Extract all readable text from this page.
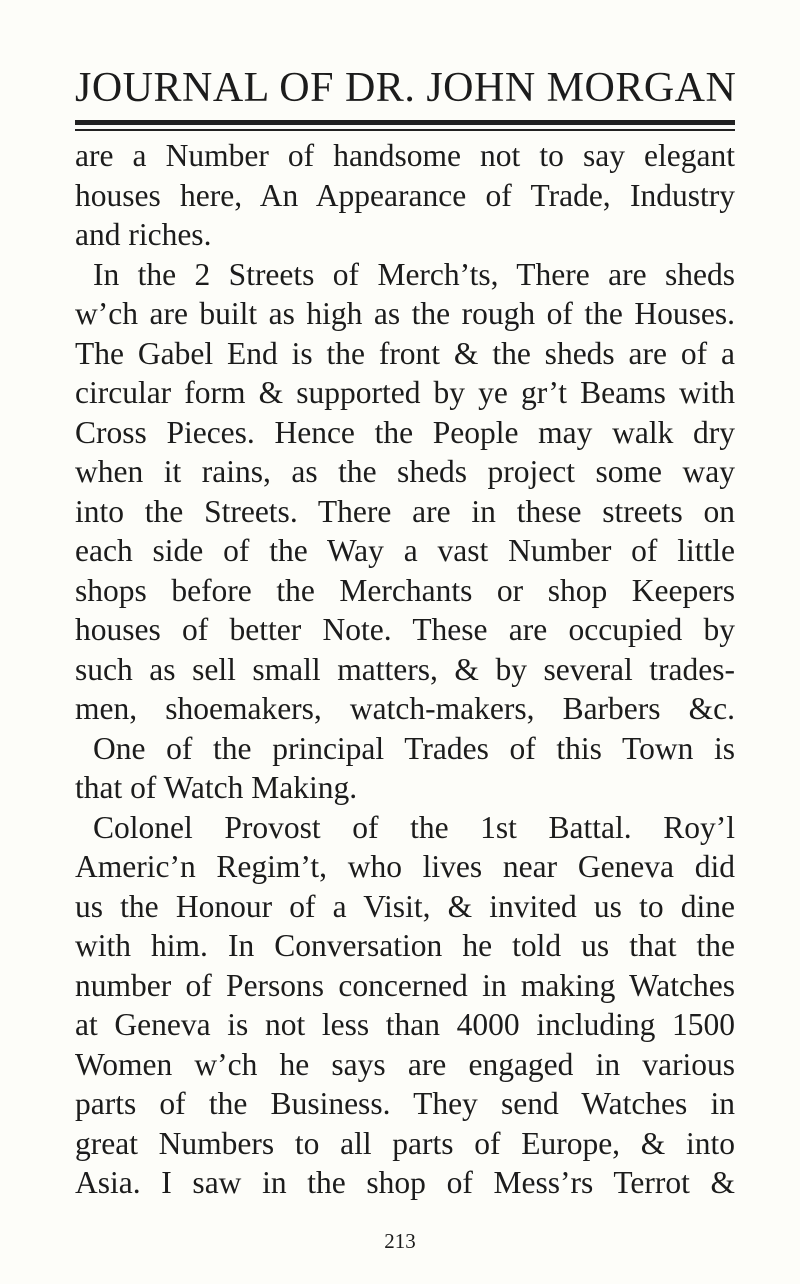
JOURNAL OF DR. JOHN MORGAN
are a Number of handsome not to say elegant
houses here, An Appearance of Trade, Industry
and riches.
In the 2 Streets of Merch’ts, There are sheds
w’ch are built as high as the rough of the Houses.
The Gabel End is the front & the sheds are of a
circular form & supported by ye gr’t Beams with
Cross Pieces. Hence the People may walk dry
when it rains, as the sheds project some way
into the Streets. There are in these streets on
each side of the Way a vast Number of little
shops before the Merchants or shop Keepers
houses of better Note. These are occupied by
such as sell small matters, & by several trades-
men, shoemakers, watch-makers, Barbers &c.
One of the principal Trades of this Town is
that of Watch Making.
Colonel Provost of the 1st Battal. Roy’l
Americ’n Regim’t, who lives near Geneva did
us the Honour of a Visit, & invited us to dine
with him. In Conversation he told us that the
number of Persons concerned in making Watches
at Geneva is not less than 4000 including 1500
Women w’ch he says are engaged in various
parts of the Business. They send Watches in
great Numbers to all parts of Europe, & into
Asia. I saw in the shop of Mess’rs Terrot &
213
